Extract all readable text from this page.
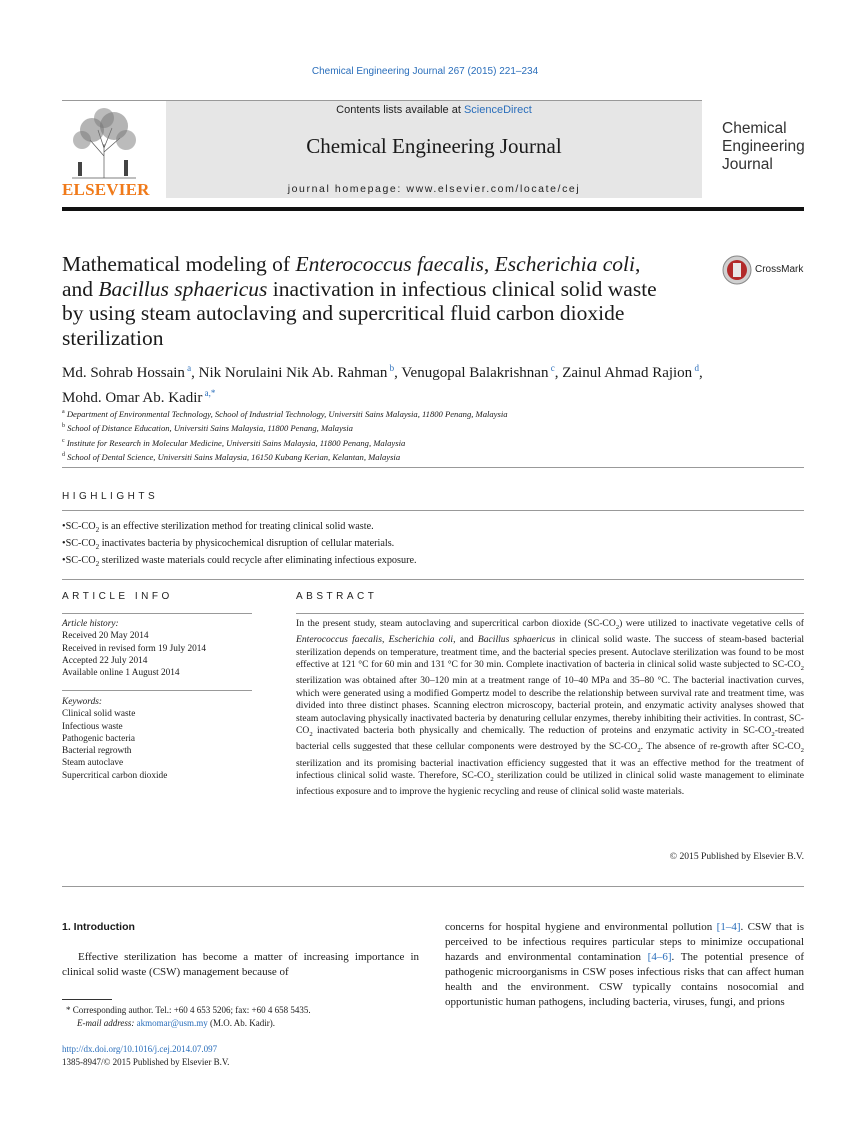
Chemical Engineering Journal 267 (2015) 221–234
ELSEVIER
Contents lists available at ScienceDirect
Chemical Engineering Journal
journal homepage: www.elsevier.com/locate/cej
Chemical
Engineering
Journal
Mathematical modeling of Enterococcus faecalis, Escherichia coli, and Bacillus sphaericus inactivation in infectious clinical solid waste by using steam autoclaving and supercritical fluid carbon dioxide sterilization
CrossMark
Md. Sohrab Hossain $^a$, Nik Norulaini Nik Ab. Rahman $^b$, Venugopal Balakrishnan $^c$, Zainul Ahmad Rajion $^d$,
Mohd. Omar Ab. Kadir $^{a,*}$
$^a$ Department of Environmental Technology, School of Industrial Technology, Universiti Sains Malaysia, 11800 Penang, Malaysia
$^b$ School of Distance Education, Universiti Sains Malaysia, 11800 Penang, Malaysia
$^c$ Institute for Research in Molecular Medicine, Universiti Sains Malaysia, 11800 Penang, Malaysia
$^d$ School of Dental Science, Universiti Sains Malaysia, 16150 Kubang Kerian, Kelantan, Malaysia
HIGHLIGHTS
• $SC-CO_2$ is an effective sterilization method for treating clinical solid waste.
• $SC-CO_2$ inactivates bacteria by physicochemical disruption of cellular materials.
• $SC-CO_2$ sterilized waste materials could recycle after eliminating infectious exposure.
ARTICLE INFO
Article history:
Received 20 May 2014
Received in revised form 19 July 2014
Accepted 22 July 2014
Available online 1 August 2014
Keywords:
Clinical solid waste
Infectious waste
Pathogenic bacteria
Bacterial regrowth
Steam autoclave
Supercritical carbon dioxide
ABSTRACT
In the present study, steam autoclaving and supercritical carbon dioxide $(SC-CO_2)$ were utilized to inactivate vegetative cells of Enterococcus faecalis, Escherichia coli, and Bacillus sphaericus in clinical solid waste. The success of steam-based bacterial sterilization depends on temperature, treatment time, and the bacterial species present. Autoclave sterilization was found to be most effective at 121 °C for 60 min and 131 °C for 30 min. Complete inactivation of bacteria in clinical solid waste subjected to $SC-CO_2$ sterilization was obtained after 30–120 min at a treatment range of 10–40 MPa and 35–80 °C. The bacterial inactivation curves, which were generated using a modified Gompertz model to describe the relationship between survival rate and treatment time, was divided into three distinct phases. Scanning electron microscopy, bacterial protein, and enzymatic activity analyses showed that steam autoclaving physically inactivated bacteria by denaturing cellular enzymes, thereby inhibiting their activities. In contrast, $SC-CO_2$ inactivated bacteria both physically and chemically. The reduction of proteins and enzymatic activity in $SC-CO_2$-treated bacterial cells suggested that these cellular components were destroyed by the $SC-CO_2$. The absence of re-growth after $SC-CO_2$ sterilization and its promising bacterial inactivation efficiency suggested that it was an effective method for the treatment of infectious clinical solid waste. Therefore, $SC-CO_2$ sterilization could be utilized in clinical solid waste management to eliminate infectious exposure and to improve the hygienic recycling and reuse of clinical solid waste materials.
© 2015 Published by Elsevier B.V.
1. Introduction
Effective sterilization has become a matter of increasing importance in clinical solid waste (CSW) management because of
concerns for hospital hygiene and environmental pollution [1–4]. CSW that is perceived to be infectious requires particular steps to minimize occupational hazards and environmental contamination [4–6]. The potential presence of pathogenic microorganisms in CSW poses infectious risks that can affect human health and the environment. CSW typically contains nosocomial and opportunistic human pathogens, including bacteria, viruses, fungi, and prions
* Corresponding author. Tel.: +60 4 653 5206; fax: +60 4 658 5435.
E-mail address: akmomar@usm.my (M.O. Ab. Kadir).
http://dx.doi.org/10.1016/j.cej.2014.07.097
1385-8947/© 2015 Published by Elsevier B.V.
